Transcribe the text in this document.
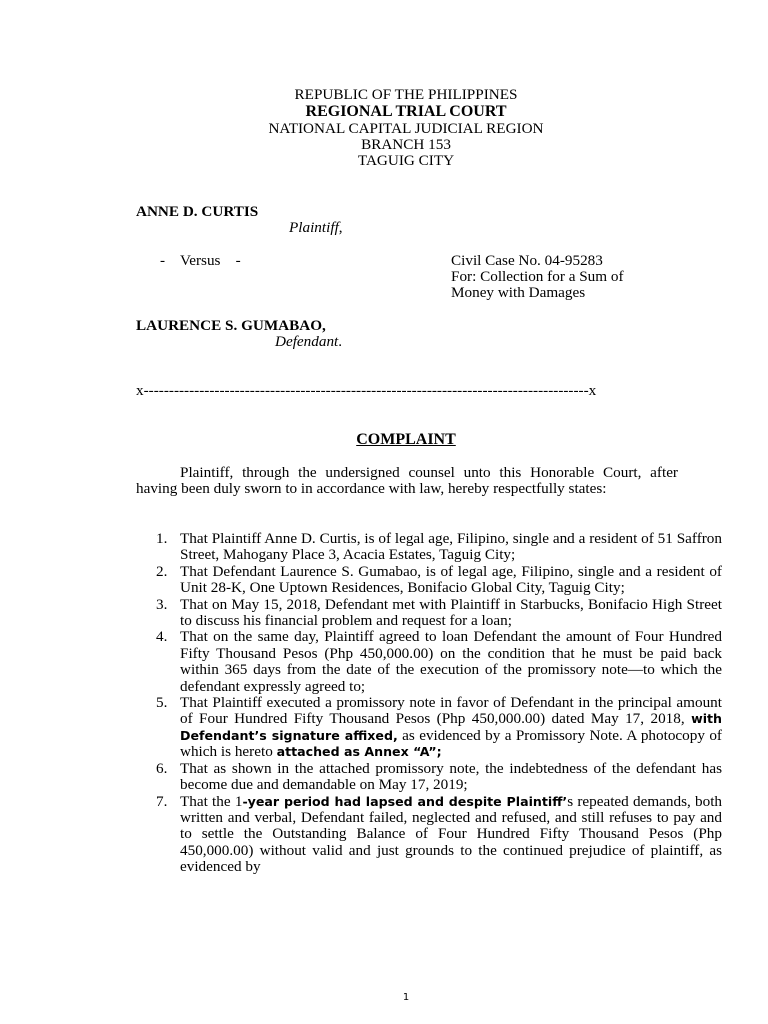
REPUBLIC OF THE PHILIPPINES
REGIONAL TRIAL COURT
NATIONAL CAPITAL JUDICIAL REGION
BRANCH 153
TAGUIG CITY
ANNE D. CURTIS
Plaintiff,
-    Versus    -	Civil Case No. 04-95283
For: Collection for a Sum of
Money with Damages
LAURENCE S. GUMABAO,
Defendant.
x----------------------------------------------------------------------------------------x
COMPLAINT
Plaintiff, through the undersigned counsel unto this Honorable Court, after having been duly sworn to in accordance with law, hereby respectfully states:
1. That Plaintiff Anne D. Curtis, is of legal age, Filipino, single and a resident of 51 Saffron Street, Mahogany Place 3, Acacia Estates, Taguig City;
2. That Defendant Laurence S. Gumabao, is of legal age, Filipino, single and a resident of Unit 28-K, One Uptown Residences, Bonifacio Global City, Taguig City;
3. That on May 15, 2018, Defendant met with Plaintiff in Starbucks, Bonifacio High Street to discuss his financial problem and request for a loan;
4. That on the same day, Plaintiff agreed to loan Defendant the amount of Four Hundred Fifty Thousand Pesos (Php 450,000.00) on the condition that he must be paid back within 365 days from the date of the execution of the promissory note—to which the defendant expressly agreed to;
5. That Plaintiff executed a promissory note in favor of Defendant in the principal amount of Four Hundred Fifty Thousand Pesos (Php 450,000.00) dated May 17, 2018, with Defendant’s signature affixed, as evidenced by a Promissory Note. A photocopy of which is hereto attached as Annex “A”;
6. That as shown in the attached promissory note, the indebtedness of the defendant has become due and demandable on May 17, 2019;
7. That the 1-year period had lapsed and despite Plaintiff’s repeated demands, both written and verbal, Defendant failed, neglected and refused, and still refuses to pay and to settle the Outstanding Balance of Four Hundred Fifty Thousand Pesos (Php 450,000.00) without valid and just grounds to the continued prejudice of plaintiff, as evidenced by
1
